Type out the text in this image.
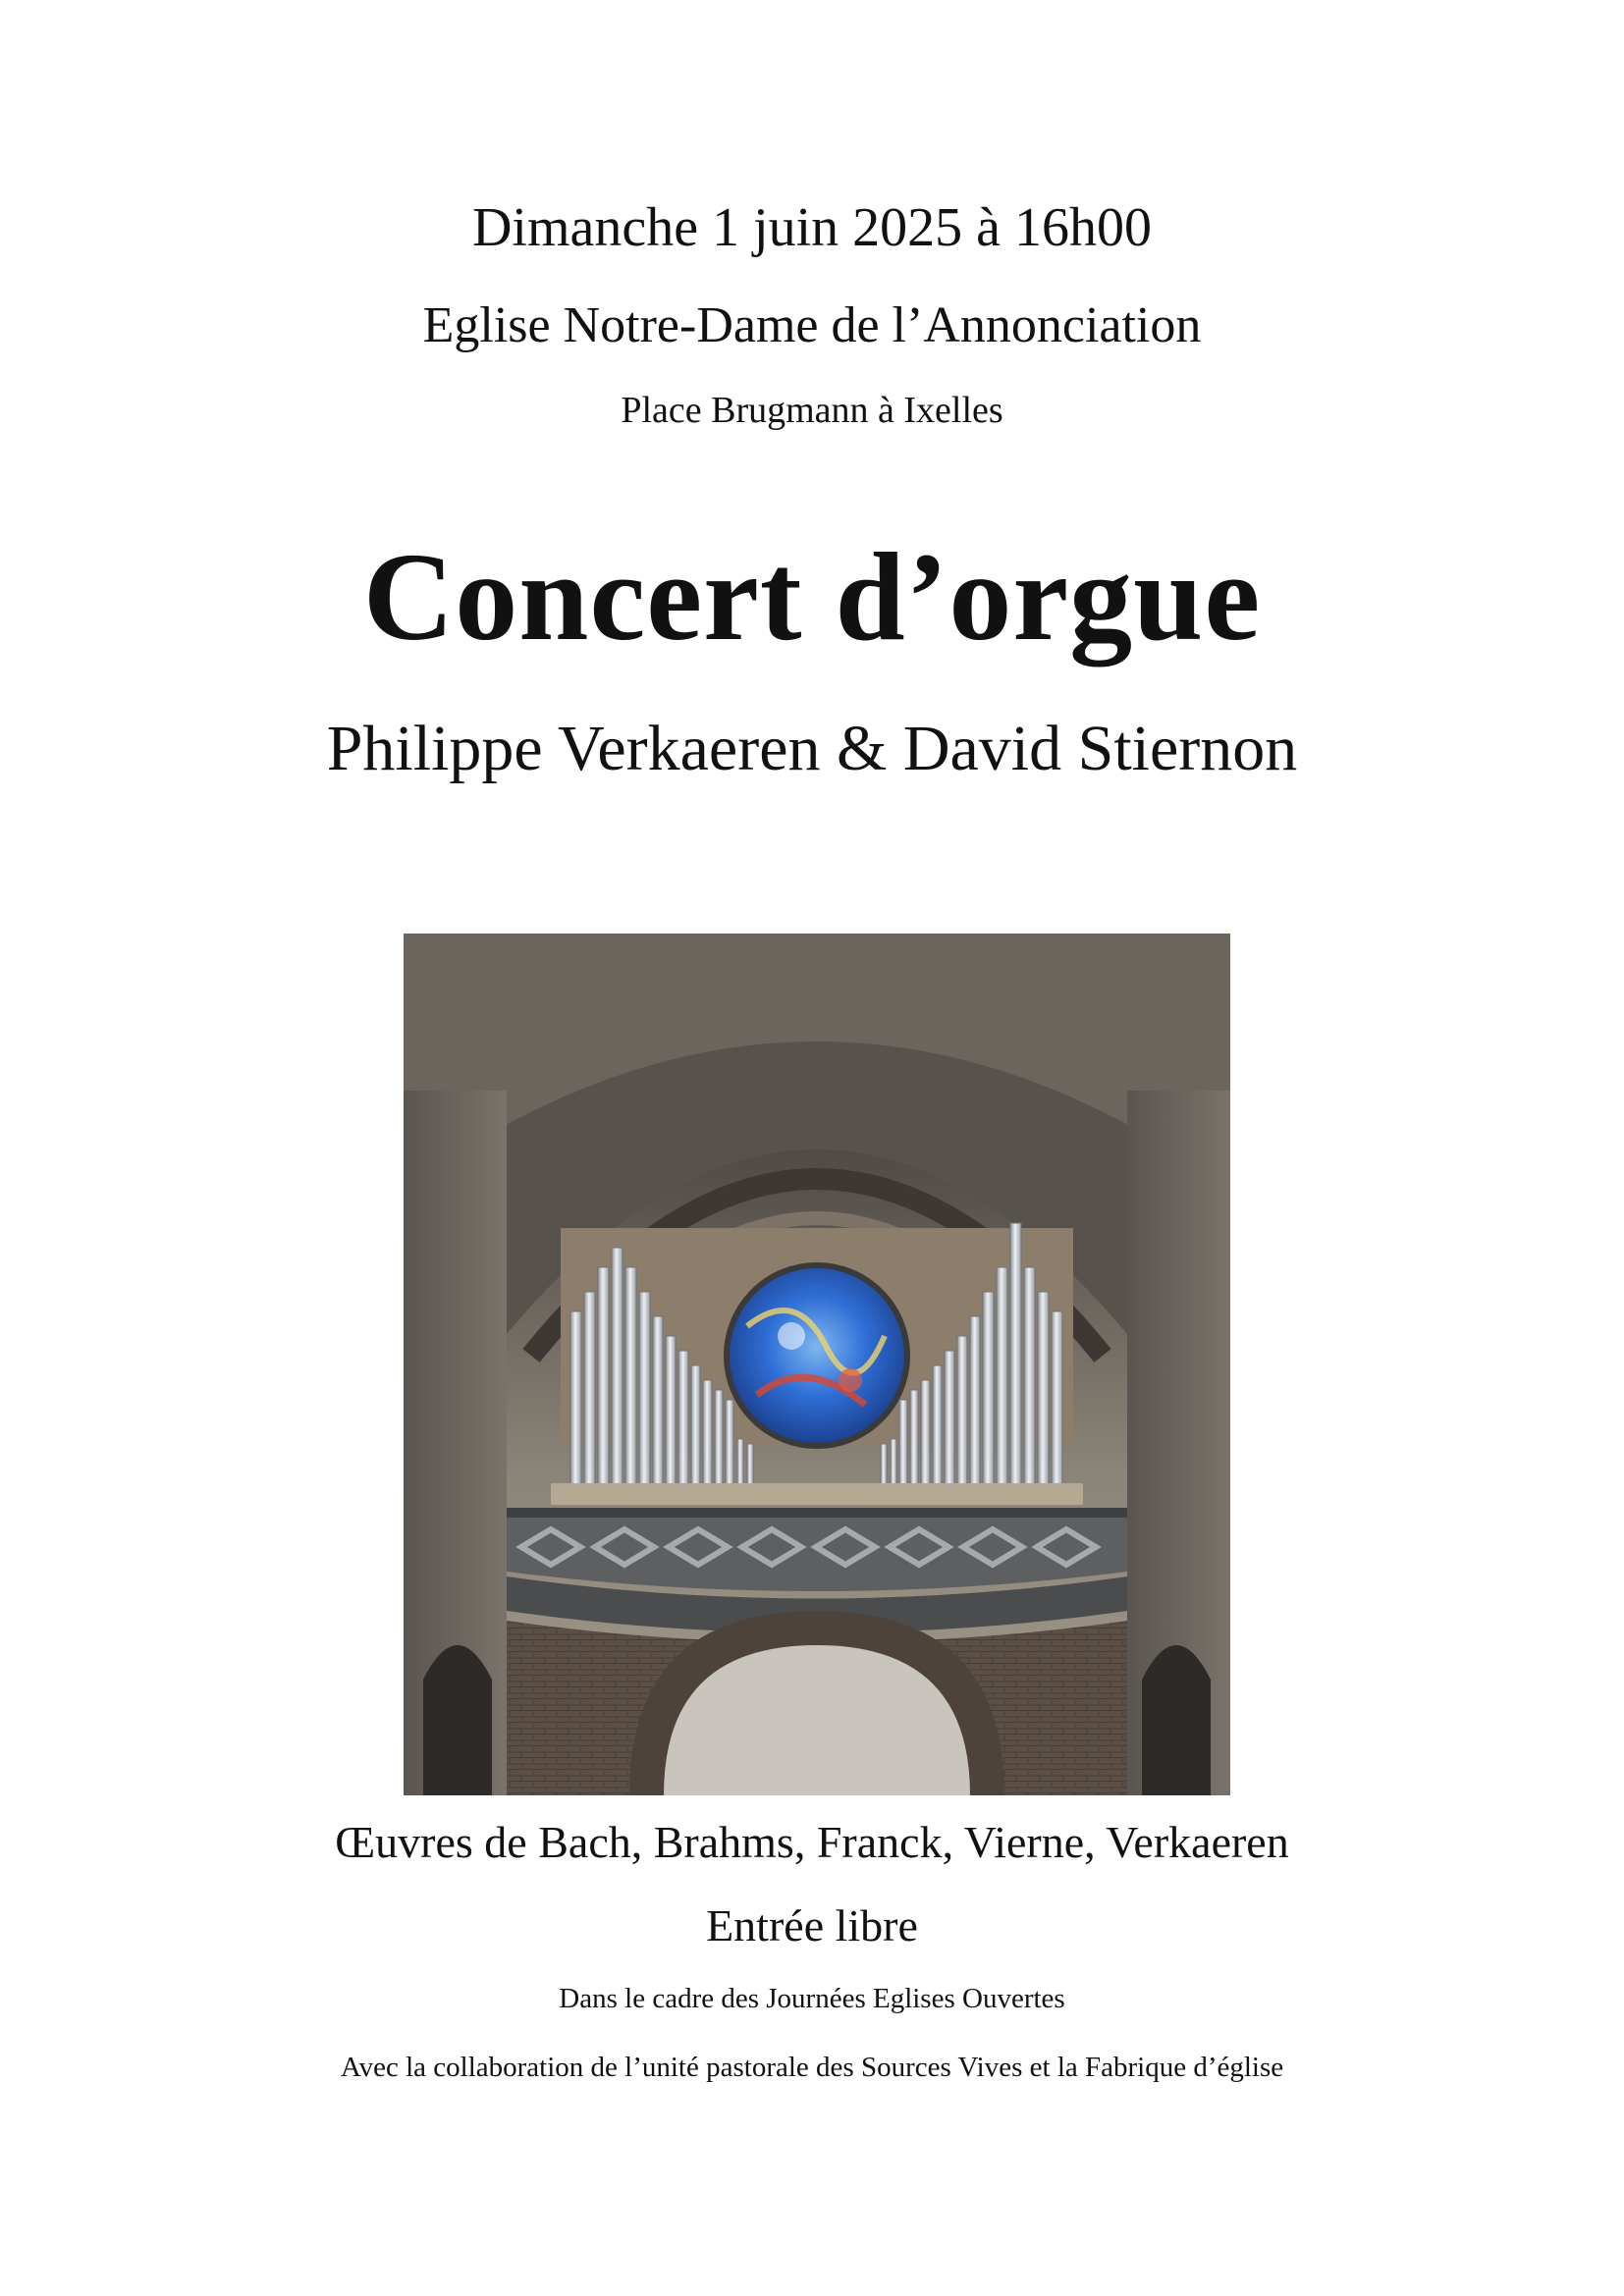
Dimanche 1 juin 2025 à 16h00
Eglise Notre-Dame de l’Annonciation
Place Brugmann à Ixelles
Concert d’orgue
Philippe Verkaeren & David Stiernon
Œuvres de Bach, Brahms, Franck, Vierne, Verkaeren
Entrée libre
Dans le cadre des Journées Eglises Ouvertes
Avec la collaboration de l’unité pastorale des Sources Vives et la Fabrique d’église
